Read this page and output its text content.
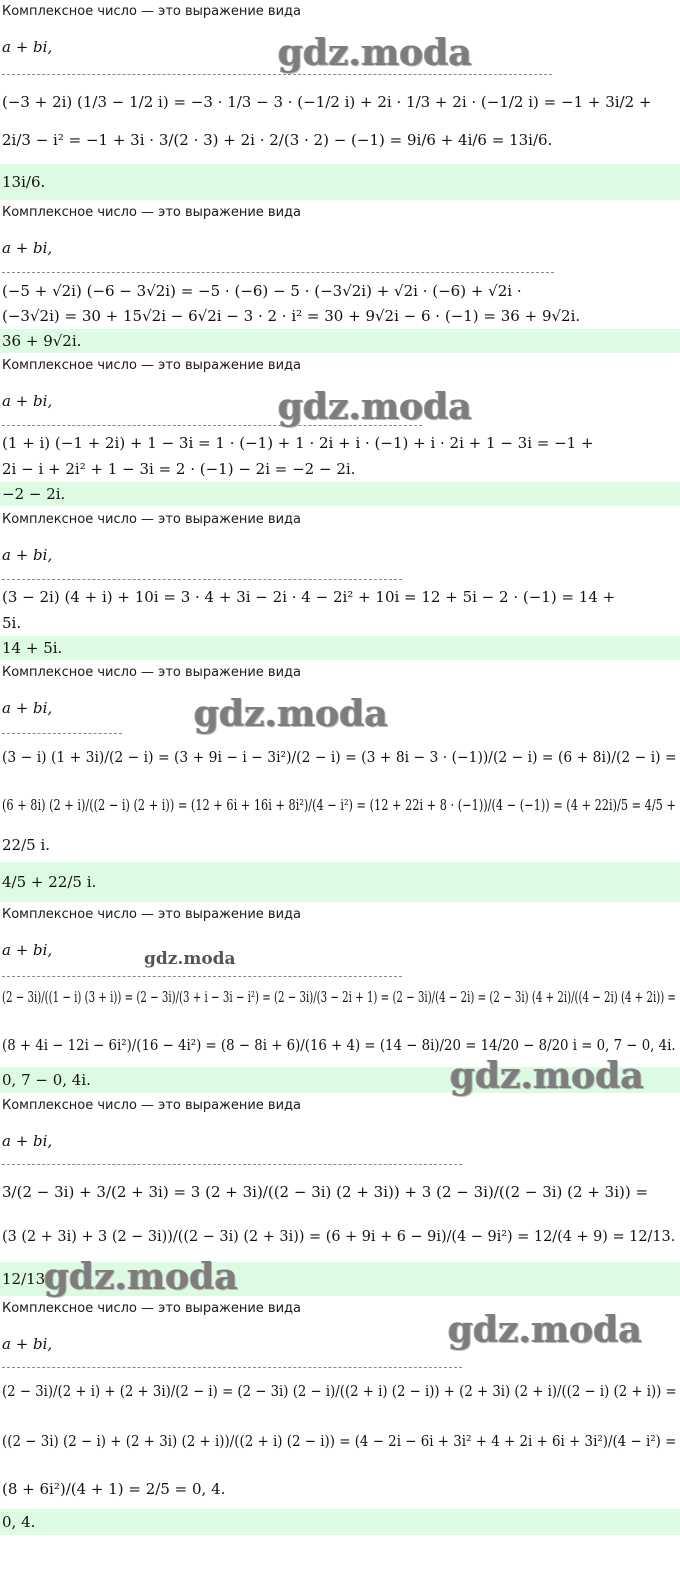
Комплексное число — это выражение вида
a + bi,
(−3 + 2i) (1/3 − 1/2 i) = −3 · 1/3 − 3 · (−1/2 i) + 2i · 1/3 + 2i · (−1/2 i) = −1 + 3i/2 +
2i/3 − i² = −1 + 3i · 3/(2 · 3) + 2i · 2/(3 · 2) − (−1) = 9i/6 + 4i/6 = 13i/6.
13i/6.
gdz.moda
Комплексное число — это выражение вида
a + bi,
(−5 + √2i) (−6 − 3√2i) = −5 · (−6) − 5 · (−3√2i) + √2i · (−6) + √2i ·
(−3√2i) = 30 + 15√2i − 6√2i − 3 · 2 · i² = 30 + 9√2i − 6 · (−1) = 36 + 9√2i.
36 + 9√2i.
Комплексное число — это выражение вида
a + bi,
(1 + i) (−1 + 2i) + 1 − 3i = 1 · (−1) + 1 · 2i + i · (−1) + i · 2i + 1 − 3i = −1 +
2i − i + 2i² + 1 − 3i = 2 · (−1) − 2i = −2 − 2i.
−2 − 2i.
gdz.moda
Комплексное число — это выражение вида
a + bi,
(3 − 2i) (4 + i) + 10i = 3 · 4 + 3i − 2i · 4 − 2i² + 10i = 12 + 5i − 2 · (−1) = 14 +
5i.
14 + 5i.
Комплексное число — это выражение вида
a + bi,
(3 − i) (1 + 3i)/(2 − i) = (3 + 9i − i − 3i²)/(2 − i) = (3 + 8i − 3 · (−1))/(2 − i) = (6 + 8i)/(2 − i) =
(6 + 8i) (2 + i)/((2 − i) (2 + i)) = (12 + 6i + 16i + 8i²)/(4 − i²) = (12 + 22i + 8 · (−1))/(4 − (−1)) = (4 + 22i)/5 = 4/5 +
22/5 i.
4/5 + 22/5 i.
gdz.moda
Комплексное число — это выражение вида
a + bi,
(2 − 3i)/((1 − i) (3 + i)) = (2 − 3i)/(3 + i − 3i − i²) = (2 − 3i)/(3 − 2i + 1) = (2 − 3i)/(4 − 2i) = (2 − 3i) (4 + 2i)/((4 − 2i) (4 + 2i)) =
(8 + 4i − 12i − 6i²)/(16 − 4i²) = (8 − 8i + 6)/(16 + 4) = (14 − 8i)/20 = 14/20 − 8/20 i = 0, 7 − 0, 4i.
0, 7 − 0, 4i.
gdz.moda
gdz.moda
Комплексное число — это выражение вида
a + bi,
3/(2 − 3i) + 3/(2 + 3i) = 3 (2 + 3i)/((2 − 3i) (2 + 3i)) + 3 (2 − 3i)/((2 − 3i) (2 + 3i)) =
(3 (2 + 3i) + 3 (2 − 3i))/((2 − 3i) (2 + 3i)) = (6 + 9i + 6 − 9i)/(4 − 9i²) = 12/(4 + 9) = 12/13.
12/13.
gdz.moda
Комплексное число — это выражение вида
a + bi,
(2 − 3i)/(2 + i) + (2 + 3i)/(2 − i) = (2 − 3i) (2 − i)/((2 + i) (2 − i)) + (2 + 3i) (2 + i)/((2 − i) (2 + i)) =
((2 − 3i) (2 − i) + (2 + 3i) (2 + i))/((2 + i) (2 − i)) = (4 − 2i − 6i + 3i² + 4 + 2i + 6i + 3i²)/(4 − i²) =
(8 + 6i²)/(4 + 1) = 2/5 = 0, 4.
0, 4.
gdz.moda
